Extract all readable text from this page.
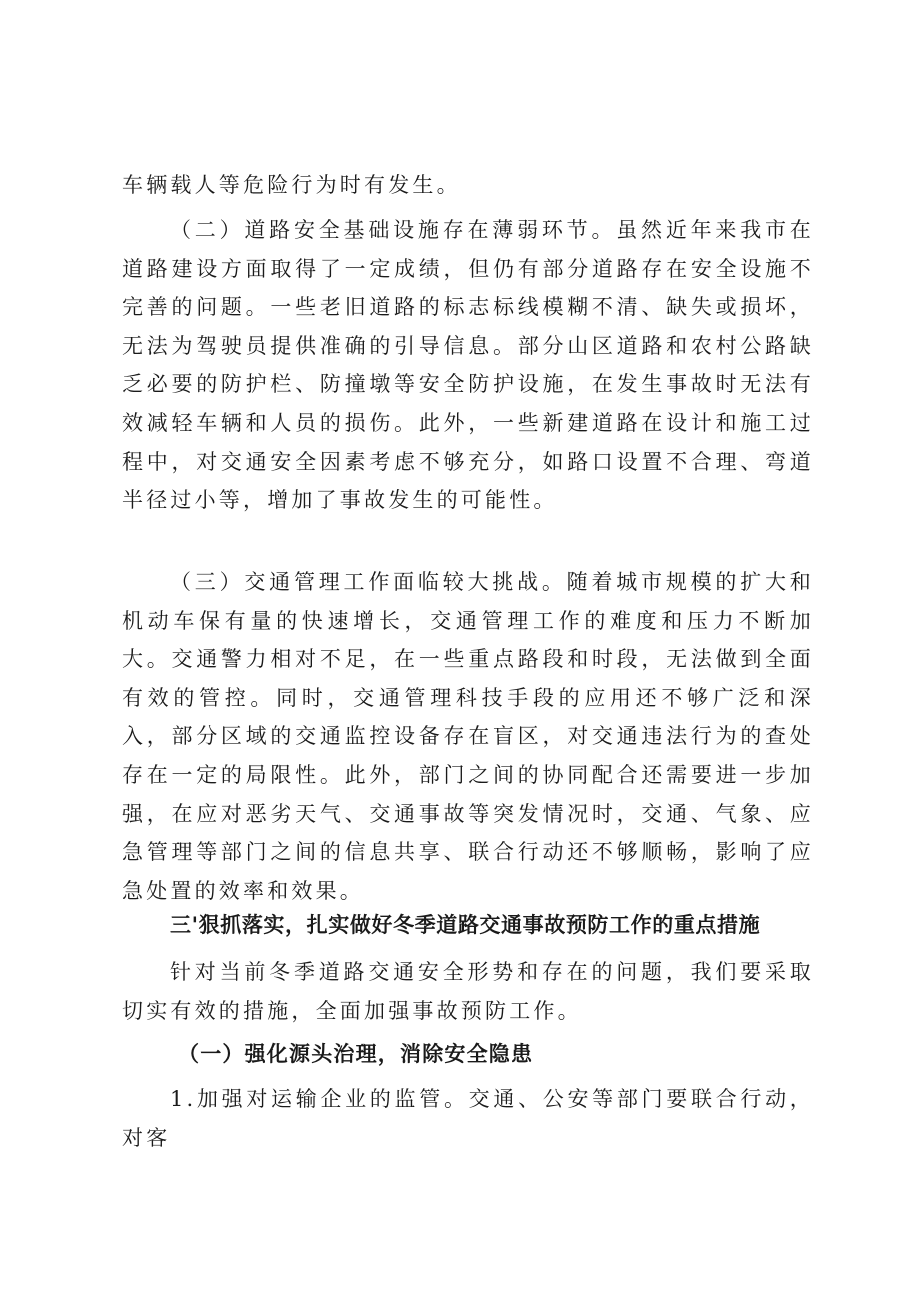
车辆载人等危险行为时有发生。

（二）道路安全基础设施存在薄弱环节。虽然近年来我市在道路建设方面取得了一定成绩，但仍有部分道路存在安全设施不完善的问题。一些老旧道路的标志标线模糊不清、缺失或损坏，无法为驾驶员提供准确的引导信息。部分山区道路和农村公路缺乏必要的防护栏、防撞墩等安全防护设施，在发生事故时无法有效减轻车辆和人员的损伤。此外，一些新建道路在设计和施工过程中，对交通安全因素考虑不够充分，如路口设置不合理、弯道半径过小等，增加了事故发生的可能性。

（三）交通管理工作面临较大挑战。随着城市规模的扩大和机动车保有量的快速增长，交通管理工作的难度和压力不断加大。交通警力相对不足，在一些重点路段和时段，无法做到全面有效的管控。同时，交通管理科技手段的应用还不够广泛和深入，部分区域的交通监控设备存在盲区，对交通违法行为的查处存在一定的局限性。此外，部门之间的协同配合还需要进一步加强，在应对恶劣天气、交通事故等突发情况时，交通、气象、应急管理等部门之间的信息共享、联合行动还不够顺畅，影响了应急处置的效率和效果。

三'狠抓落实，扎实做好冬季道路交通事故预防工作的重点措施

针对当前冬季道路交通安全形势和存在的问题，我们要采取切实有效的措施，全面加强事故预防工作。

（一）强化源头治理，消除安全隐患

1.加强对运输企业的监管。交通、公安等部门要联合行动，对客
